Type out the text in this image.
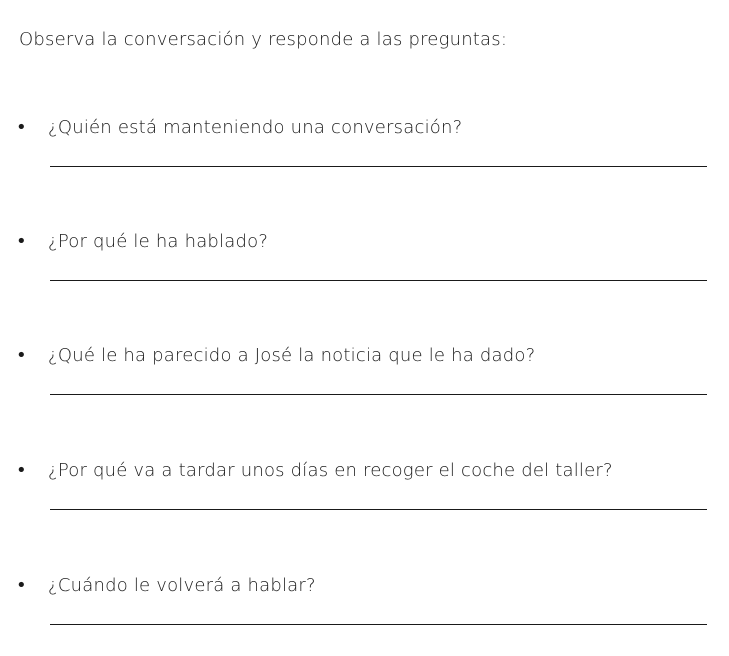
Observa la conversación y responde a las preguntas:
• ¿Quién está manteniendo una conversación?
• ¿Por qué le ha hablado?
• ¿Qué le ha parecido a José la noticia que le ha dado?
• ¿Por qué va a tardar unos días en recoger el coche del taller?
• ¿Cuándo le volverá a hablar?
